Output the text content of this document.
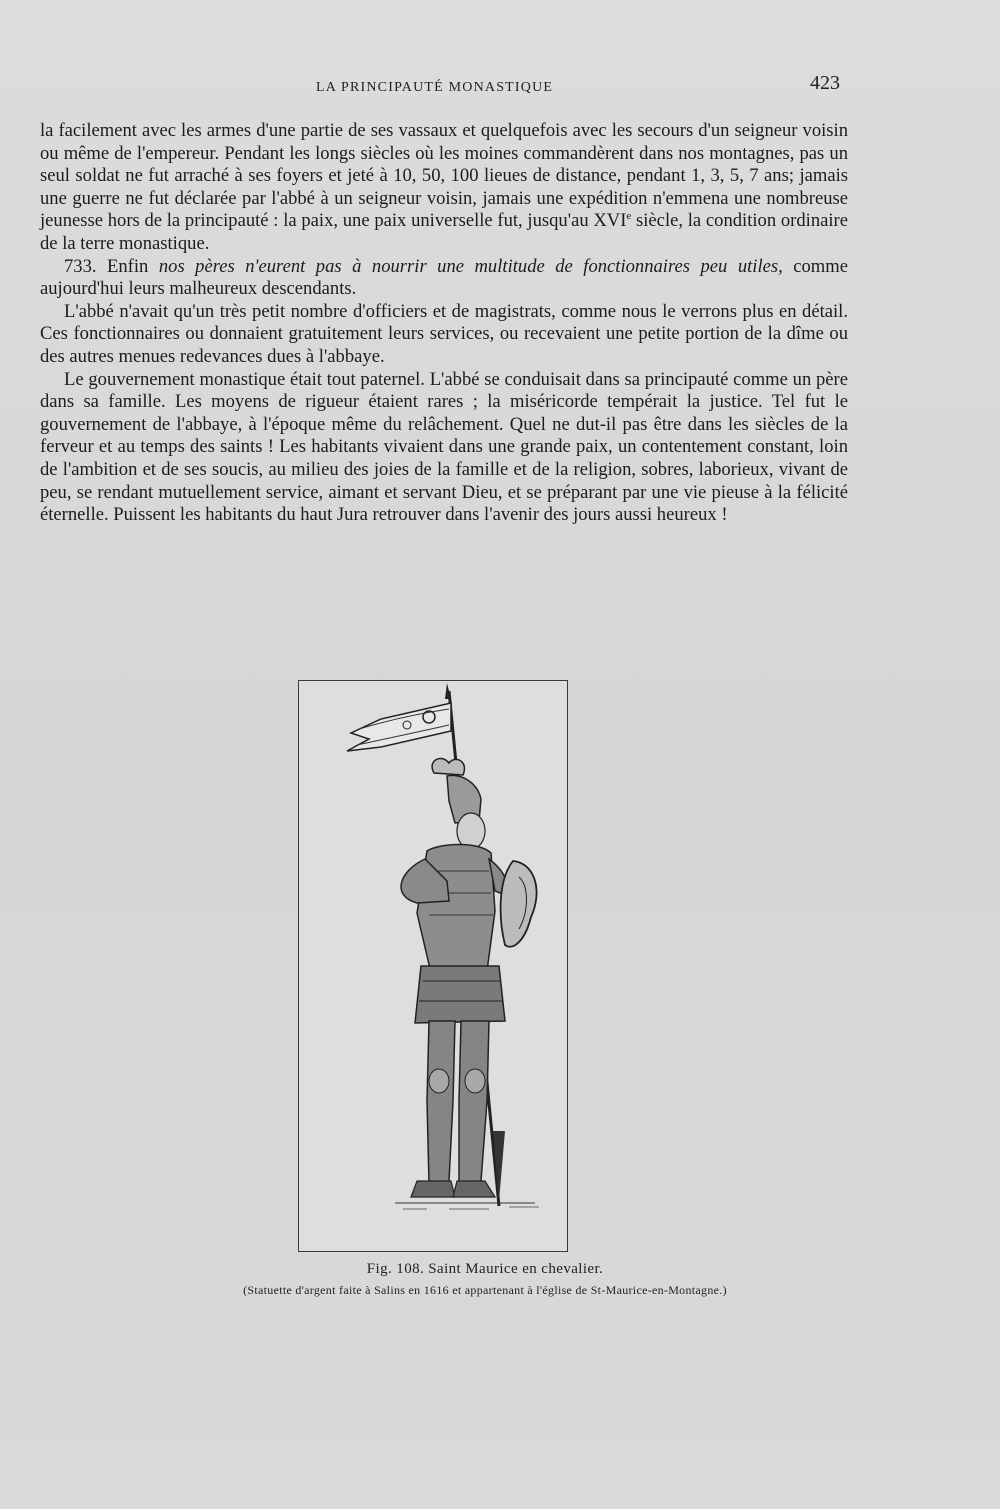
LA PRINCIPAUTÉ MONASTIQUE	423

la facilement avec les armes d'une partie de ses vassaux et quelquefois avec les secours d'un seigneur voisin ou même de l'empereur. Pendant les longs siècles où les moines commandèrent dans nos montagnes, pas un seul soldat ne fut arraché à ses foyers et jeté à 10, 50, 100 lieues de distance, pendant 1, 3, 5, 7 ans; jamais une guerre ne fut déclarée par l'abbé à un seigneur voisin, jamais une expédition n'emmena une nombreuse jeunesse hors de la principauté : la paix, une paix universelle fut, jusqu'au XVIe siècle, la condition ordinaire de la terre monastique.

733. Enfin nos pères n'eurent pas à nourrir une multitude de fonctionnaires peu utiles, comme aujourd'hui leurs malheureux descendants.

L'abbé n'avait qu'un très petit nombre d'officiers et de magistrats, comme nous le verrons plus en détail. Ces fonctionnaires ou donnaient gratuitement leurs services, ou recevaient une petite portion de la dîme ou des autres menues redevances dues à l'abbaye.

Le gouvernement monastique était tout paternel. L'abbé se conduisait dans sa principauté comme un père dans sa famille. Les moyens de rigueur étaient rares ; la miséricorde tempérait la justice. Tel fut le gouvernement de l'abbaye, à l'époque même du relâchement. Quel ne dut-il pas être dans les siècles de la ferveur et au temps des saints ! Les habitants vivaient dans une grande paix, un contentement constant, loin de l'ambition et de ses soucis, au milieu des joies de la famille et de la religion, sobres, laborieux, vivant de peu, se rendant mutuellement service, aimant et servant Dieu, et se préparant par une vie pieuse à la félicité éternelle. Puissent les habitants du haut Jura retrouver dans l'avenir des jours aussi heureux !

Fig. 108. Saint Maurice en chevalier.
(Statuette d'argent faite à Salins en 1616 et appartenant à l'église de St-Maurice-en-Montagne.)
